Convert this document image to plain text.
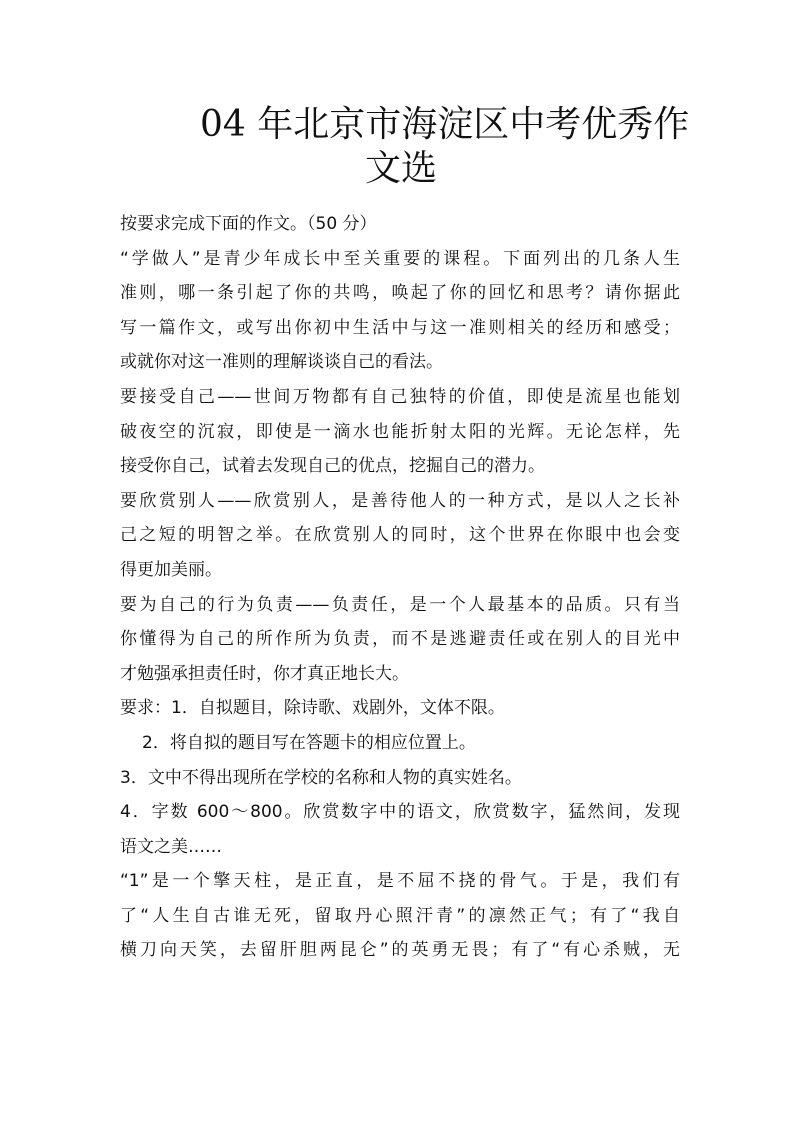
04 年北京市海淀区中考优秀作
文选
按要求完成下面的作文。（50 分）
“学做人”是青少年成长中至关重要的课程。下面列出的几条人生
准则，哪一条引起了你的共鸣，唤起了你的回忆和思考？请你据此
写一篇作文，或写出你初中生活中与这一准则相关的经历和感受；
或就你对这一准则的理解谈谈自己的看法。
要接受自己——世间万物都有自己独特的价值，即使是流星也能划
破夜空的沉寂，即使是一滴水也能折射太阳的光辉。无论怎样，先
接受你自己，试着去发现自己的优点，挖掘自己的潜力。
要欣赏别人——欣赏别人，是善待他人的一种方式，是以人之长补
己之短的明智之举。在欣赏别人的同时，这个世界在你眼中也会变
得更加美丽。
要为自己的行为负责——负责任，是一个人最基本的品质。只有当
你懂得为自己的所作所为负责，而不是逃避责任或在别人的目光中
才勉强承担责任时，你才真正地长大。
要求：1．自拟题目，除诗歌、戏剧外，文体不限。
2．将自拟的题目写在答题卡的相应位置上。
3．文中不得出现所在学校的名称和人物的真实姓名。
4．字数 600～800。欣赏数字中的语文，欣赏数字，猛然间，发现
语文之美……
“1”是一个擎天柱，是正直，是不屈不挠的骨气。于是，我们有
了“人生自古谁无死，留取丹心照汗青”的凛然正气；有了“我自
横刀向天笑，去留肝胆两昆仑”的英勇无畏；有了“有心杀贼，无
